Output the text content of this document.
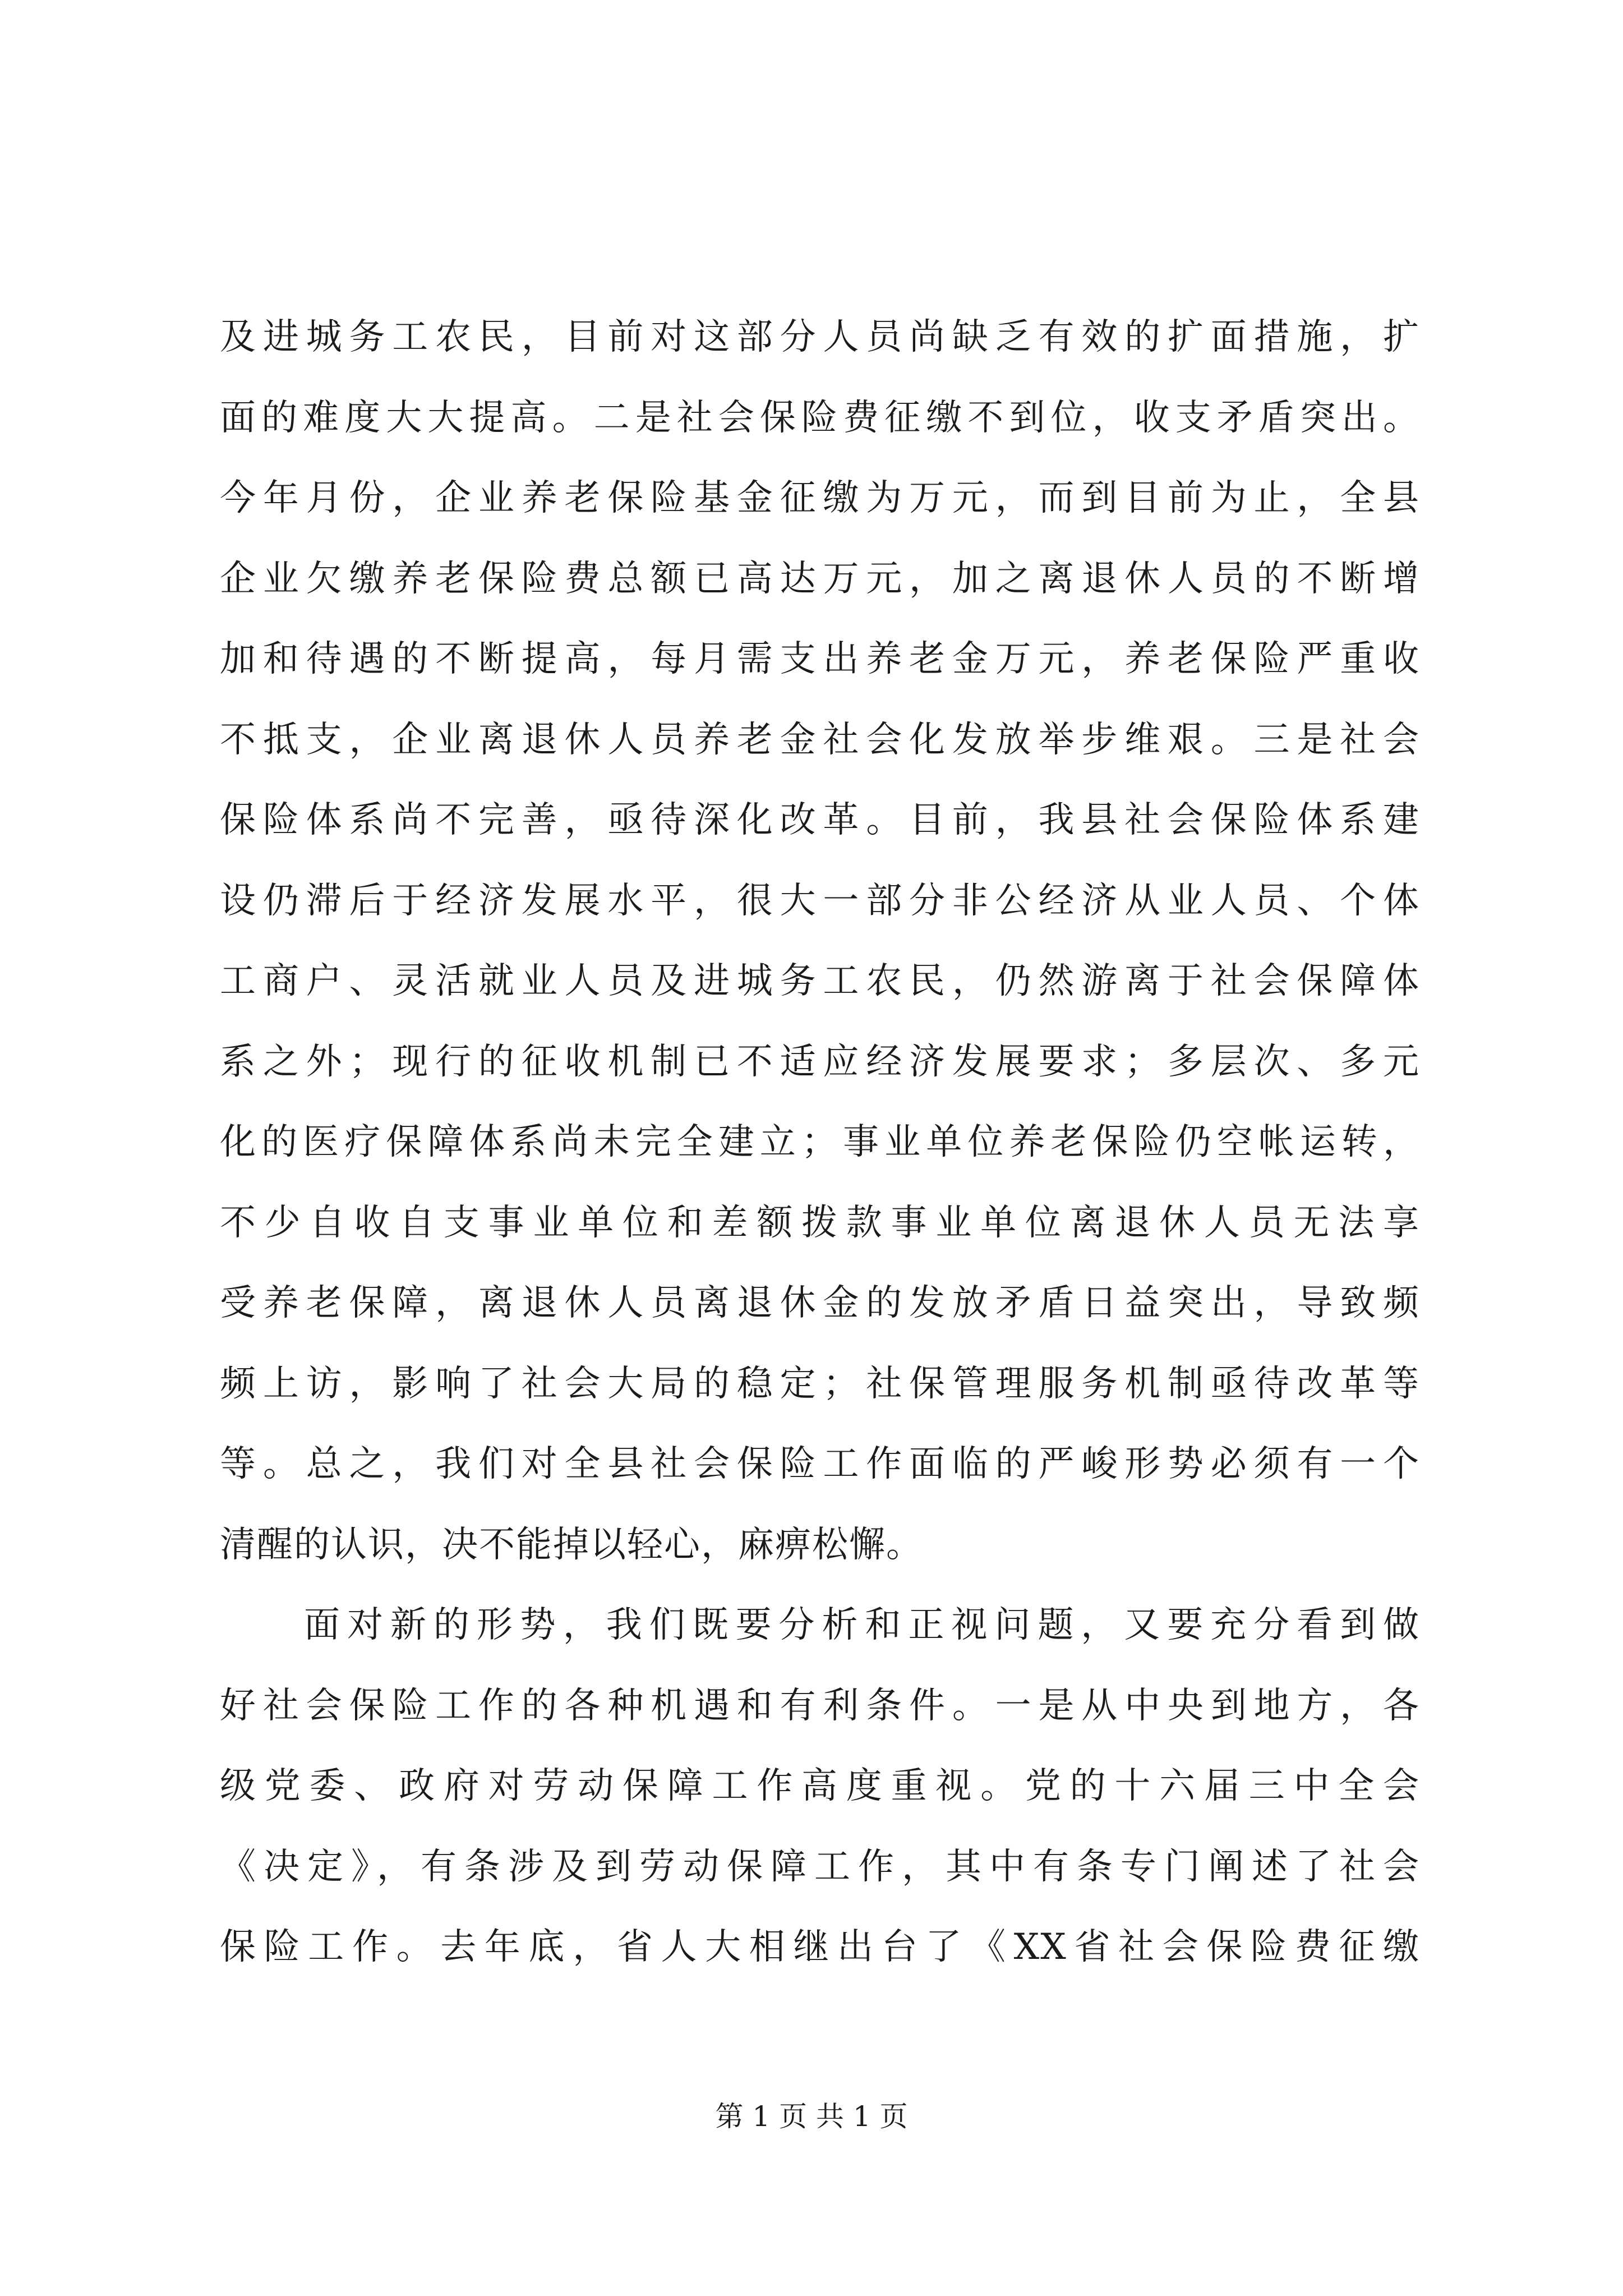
及进城务工农民，目前对这部分人员尚缺乏有效的扩面措施，扩
面的难度大大提高。二是社会保险费征缴不到位，收支矛盾突出。
今年月份，企业养老保险基金征缴为万元，而到目前为止，全县
企业欠缴养老保险费总额已高达万元，加之离退休人员的不断增
加和待遇的不断提高，每月需支出养老金万元，养老保险严重收
不抵支，企业离退休人员养老金社会化发放举步维艰。三是社会
保险体系尚不完善，亟待深化改革。目前，我县社会保险体系建
设仍滞后于经济发展水平，很大一部分非公经济从业人员、个体
工商户、灵活就业人员及进城务工农民，仍然游离于社会保障体
系之外；现行的征收机制已不适应经济发展要求；多层次、多元
化的医疗保障体系尚未完全建立；事业单位养老保险仍空帐运转，
不少自收自支事业单位和差额拨款事业单位离退休人员无法享
受养老保障，离退休人员离退休金的发放矛盾日益突出，导致频
频上访，影响了社会大局的稳定；社保管理服务机制亟待改革等
等。总之，我们对全县社会保险工作面临的严峻形势必须有一个
清醒的认识，决不能掉以轻心，麻痹松懈。
面对新的形势，我们既要分析和正视问题，又要充分看到做
好社会保险工作的各种机遇和有利条件。一是从中央到地方，各
级党委、政府对劳动保障工作高度重视。党的十六届三中全会
《决定》，有条涉及到劳动保障工作，其中有条专门阐述了社会
保险工作。去年底，省人大相继出台了《XX省社会保险费征缴
第 1 页 共 1 页
